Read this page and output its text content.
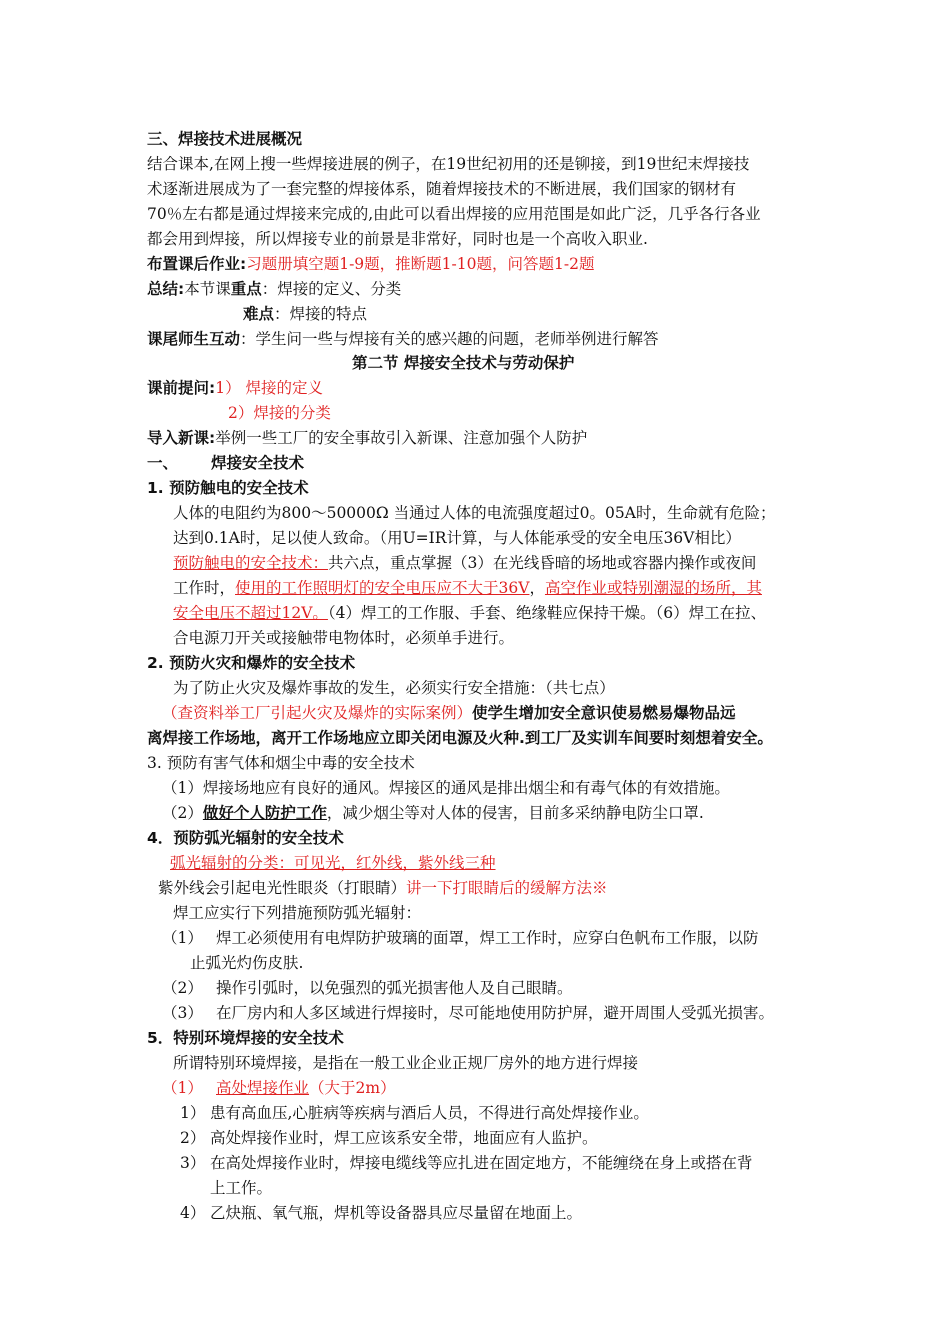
三、焊接技术进展概况
结合课本,在网上搜一些焊接进展的例子，在19世纪初用的还是铆接，到19世纪末焊接技
术逐渐进展成为了一套完整的焊接体系，随着焊接技术的不断进展，我们国家的钢材有
70％左右都是通过焊接来完成的,由此可以看出焊接的应用范围是如此广泛，几乎各行各业
都会用到焊接，所以焊接专业的前景是非常好，同时也是一个高收入职业.
布置课后作业:习题册填空题1-9题，推断题1-10题，问答题1-2题
总结:本节课重点：焊接的定义、分类
难点：焊接的特点
课尾师生互动：学生问一些与焊接有关的感兴趣的问题，老师举例进行解答
第二节 焊接安全技术与劳动保护
课前提问:1） 焊接的定义
2）焊接的分类
导入新课:举例一些工厂的安全事故引入新课、注意加强个人防护
一、 焊接安全技术
1. 预防触电的安全技术
人体的电阻约为800～50000Ω 当通过人体的电流强度超过0。05A时，生命就有危险；
达到0.1A时，足以使人致命。（用U=IR计算，与人体能承受的安全电压36V相比）
预防触电的安全技术：共六点，重点掌握（3）在光线昏暗的场地或容器内操作或夜间
工作时，使用的工作照明灯的安全电压应不大于36V，高空作业或特别潮湿的场所，其
安全电压不超过12V。（4）焊工的工作服、手套、绝缘鞋应保持干燥。（6）焊工在拉、
合电源刀开关或接触带电物体时，必须单手进行。
2. 预防火灾和爆炸的安全技术
为了防止火灾及爆炸事故的发生，必须实行安全措施：（共七点）
（查资料举工厂引起火灾及爆炸的实际案例）使学生增加安全意识使易燃易爆物品远
离焊接工作场地，离开工作场地应立即关闭电源及火种.到工厂及实训车间要时刻想着安全。
3. 预防有害气体和烟尘中毒的安全技术
（1）焊接场地应有良好的通风。焊接区的通风是排出烟尘和有毒气体的有效措施。
（2）做好个人防护工作，减少烟尘等对人体的侵害，目前多采纳静电防尘口罩.
4．预防弧光辐射的安全技术
弧光辐射的分类：可见光，红外线，紫外线三种
紫外线会引起电光性眼炎（打眼睛）讲一下打眼睛后的缓解方法※
焊工应实行下列措施预防弧光辐射：
（1） 焊工必须使用有电焊防护玻璃的面罩，焊工工作时，应穿白色帆布工作服，以防
止弧光灼伤皮肤.
（2） 操作引弧时，以免强烈的弧光损害他人及自己眼睛。
（3） 在厂房内和人多区域进行焊接时，尽可能地使用防护屏，避开周围人受弧光损害。
5．特别环境焊接的安全技术
所谓特别环境焊接，是指在一般工业企业正规厂房外的地方进行焊接
（1） 高处焊接作业（大于2m）
1） 患有高血压,心脏病等疾病与酒后人员，不得进行高处焊接作业。
2） 高处焊接作业时，焊工应该系安全带，地面应有人监护。
3） 在高处焊接作业时，焊接电缆线等应扎进在固定地方，不能缠绕在身上或搭在背
上工作。
4） 乙炔瓶、氧气瓶，焊机等设备器具应尽量留在地面上。
